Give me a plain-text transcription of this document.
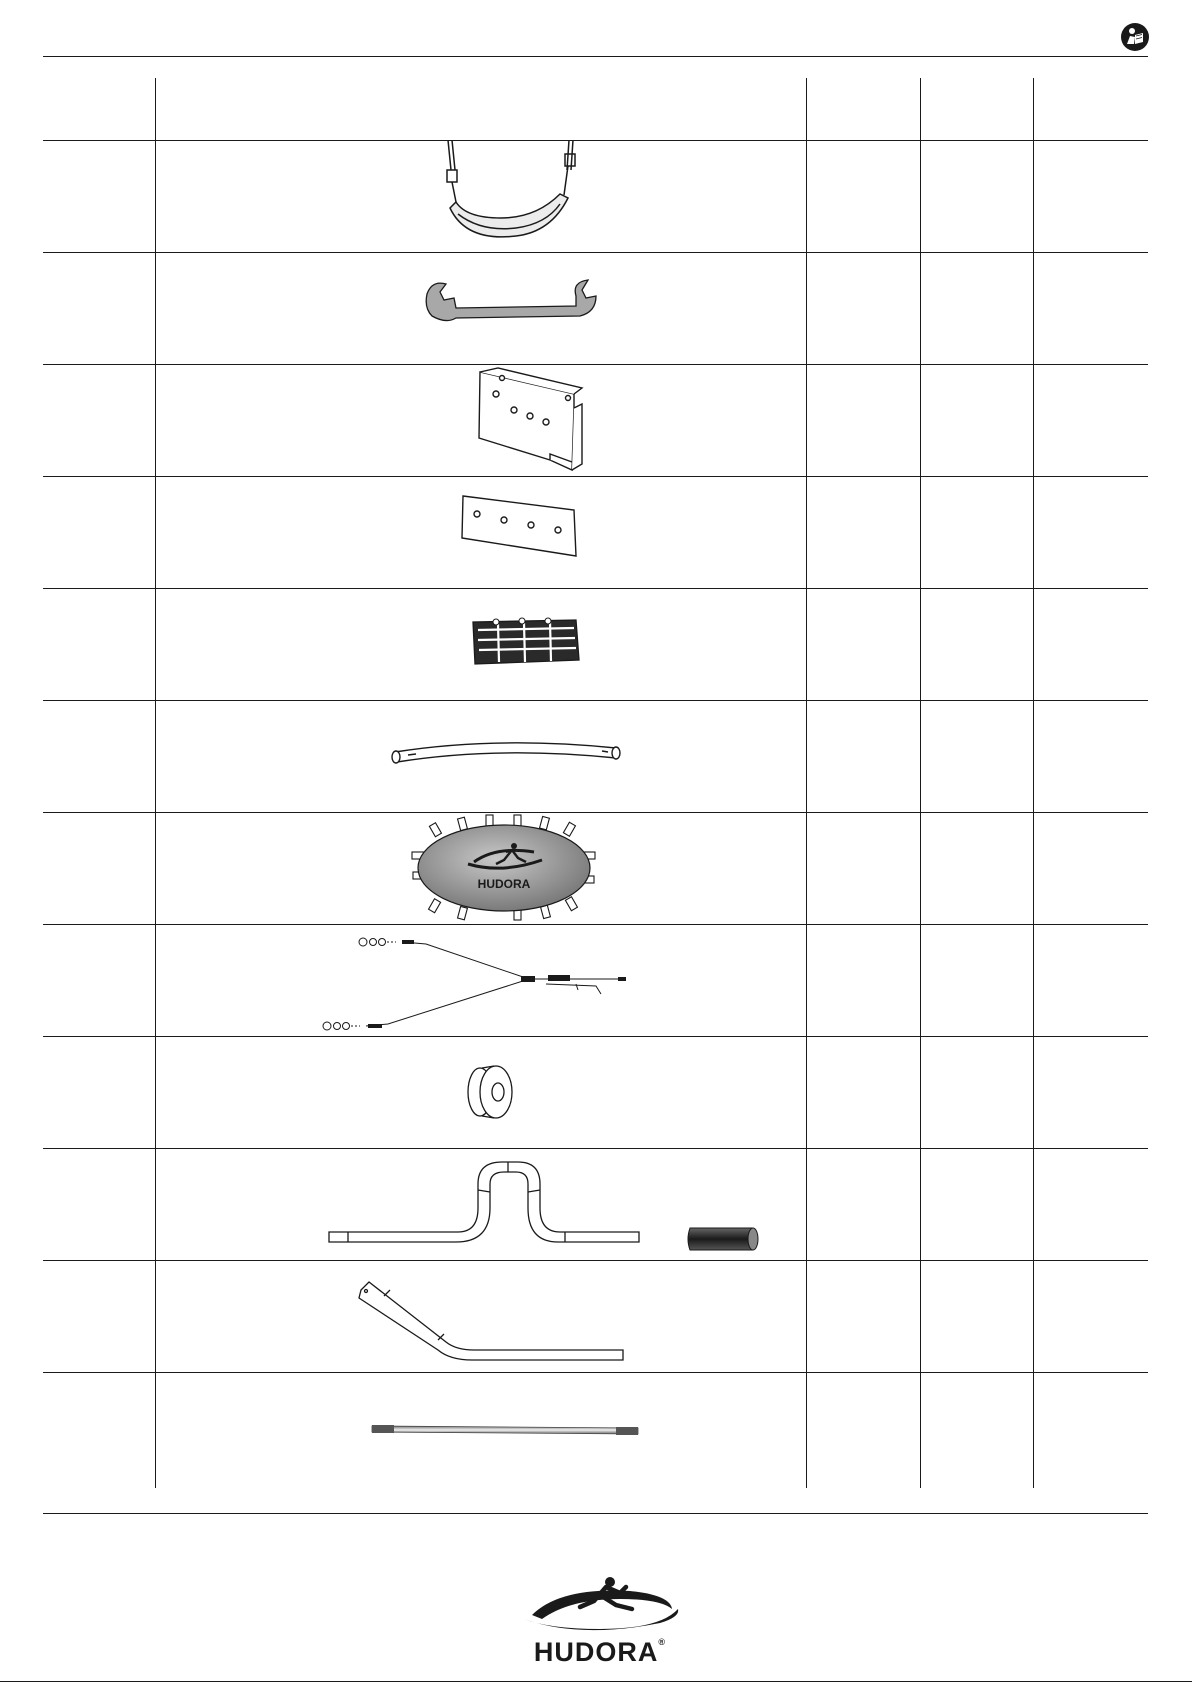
HUDORA
HUDORA®
